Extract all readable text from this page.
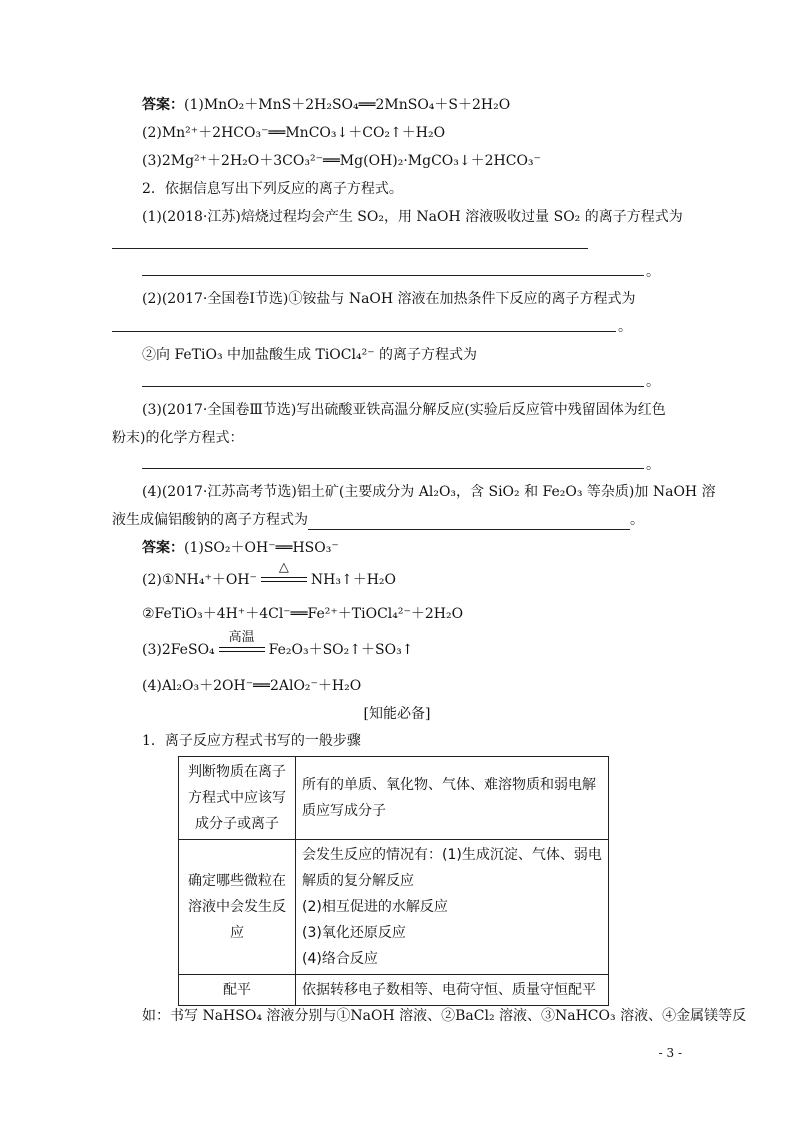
答案：(1)MnO₂＋MnS＋2H₂SO₄══2MnSO₄＋S＋2H₂O
(2)Mn²⁺＋2HCO₃⁻══MnCO₃↓＋CO₂↑＋H₂O
(3)2Mg²⁺＋2H₂O＋3CO₃²⁻══Mg(OH)₂·MgCO₃↓＋2HCO₃⁻
2．依据信息写出下列反应的离子方程式。
(1)(2018·江苏)焙烧过程均会产生 SO₂，用 NaOH 溶液吸收过量 SO₂ 的离子方程式为
。
(2)(2017·全国卷Ⅰ节选)①铵盐与 NaOH 溶液在加热条件下反应的离子方程式为
。
②向 FeTiO₃ 中加盐酸生成 TiOCl₄²⁻ 的离子方程式为
。
(3)(2017·全国卷Ⅲ节选)写出硫酸亚铁高温分解反应(实验后反应管中残留固体为红色
粉末)的化学方程式：
。
(4)(2017·江苏高考节选)铝土矿(主要成分为 Al₂O₃，含 SiO₂ 和 Fe₂O₃ 等杂质)加 NaOH 溶
液生成偏铝酸钠的离子方程式为	。
答案：(1)SO₂＋OH⁻══HSO₃⁻
(2)①NH₄⁺＋OH⁻
△
NH₃↑＋H₂O
②FeTiO₃＋4H⁺＋4Cl⁻══Fe²⁺＋TiOCl₄²⁻＋2H₂O
(3)2FeSO₄
高温
Fe₂O₃＋SO₂↑＋SO₃↑
(4)Al₂O₃＋2OH⁻══2AlO₂⁻＋H₂O
[知能必备]
1．离子反应方程式书写的一般步骤
判断物质在离子方程式中应该写成分子或离子	所有的单质、氧化物、气体、难溶物质和弱电解质应写成分子

确定哪些微粒在溶液中会发生反应	会发生反应的情况有：(1)生成沉淀、气体、弱电解质的复分解反应
(2)相互促进的水解反应
(3)氧化还原反应
(4)络合反应

配平	依据转移电子数相等、电荷守恒、质量守恒配平
如：书写 NaHSO₄ 溶液分别与①NaOH 溶液、②BaCl₂ 溶液、③NaHCO₃ 溶液、④金属镁等反
- 3 -
